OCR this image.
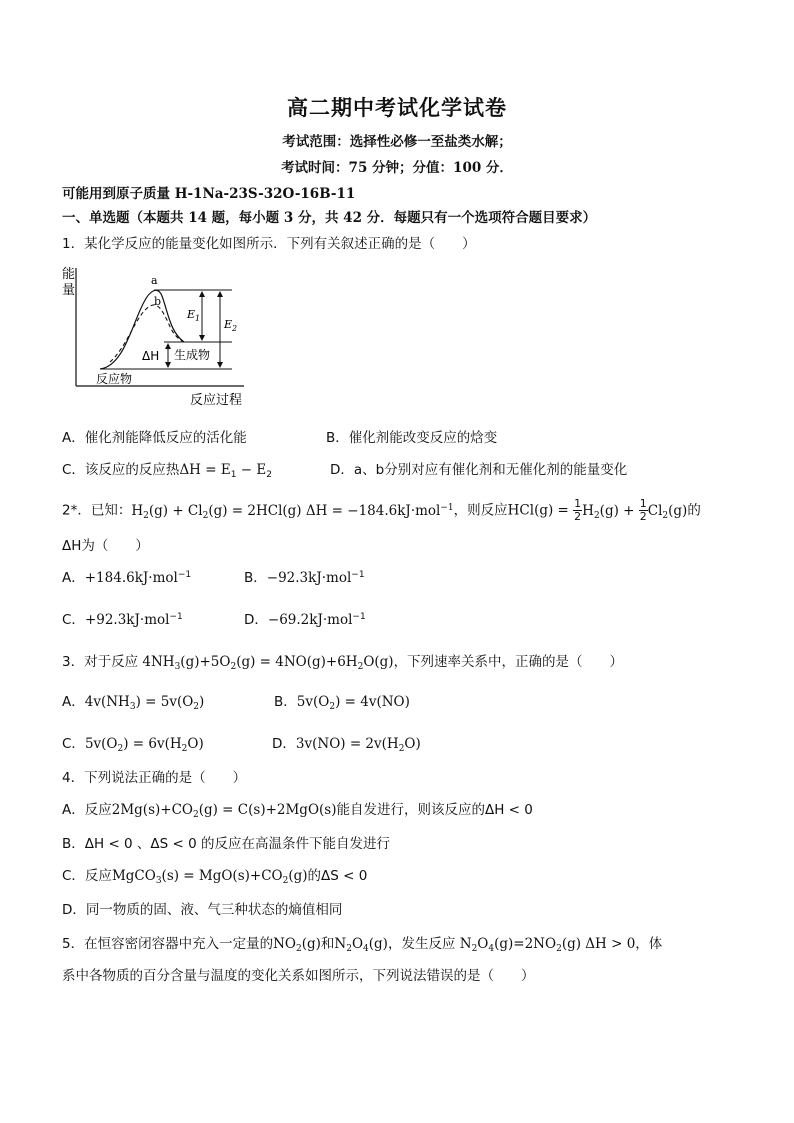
高二期中考试化学试卷
考试范围：选择性必修一至盐类水解；
考试时间：75 分钟；分值：100 分．
可能用到原子质量 H-1Na-23S-32O-16B-11
一、单选题（本题共 14 题，每小题 3 分，共 42 分．每题只有一个选项符合题目要求）
1．某化学反应的能量变化如图所示．下列有关叙述正确的是（　　）
能
量
a
b
$E_1$ $E_2$
ΔH 生成物
反应物
反应过程
A．催化剂能降低反应的活化能	B．催化剂能改变反应的焓变
C．该反应的反应热$\Delta H = E_1 - E_2$	D．a、b分别对应有催化剂和无催化剂的能量变化
2*．已知：$H_2(g) + Cl_2(g) = 2HCl(g) \Delta H = -184.6kJ\cdot mol^{-1}$，则反应$HCl(g) = \frac{1}{2} H_2(g) + \frac{1}{2} Cl_2(g)$的
ΔH为（　　）
A．+184.6kJ·mol$^{-1}$	B．−92.3kJ·mol$^{-1}$
C．+92.3kJ·mol$^{-1}$	D．−69.2kJ·mol$^{-1}$
3．对于反应 $4NH_3(g)+5O_2(g) = 4NO(g)+6H_2O(g)$，下列速率关系中，正确的是（　　）
A．$4v(NH_3) = 5v(O_2)$	B．$5v(O_2) = 4v(NO)$
C．$5v(O_2) = 6v(H_2O)$	D．$3v(NO) = 2v(H_2O)$
4．下列说法正确的是（　　）
A．反应$2Mg(s)+CO_2(g) = C(s)+2MgO(s)$能自发进行，则该反应的ΔH < 0
B．ΔH < 0 、ΔS < 0 的反应在高温条件下能自发进行
C．反应MgCO$_3$(s) = $MgO(s)+CO_2(g)$的ΔS < 0
D．同一物质的固、液、气三种状态的熵值相同
5．在恒容密闭容器中充入一定量的$NO_2(g)$和$N_2O_4(g)$，发生反应 $N_2O_4(g)=2NO_2(g) \Delta H > 0$，体
系中各物质的百分含量与温度的变化关系如图所示，下列说法错误的是（　　）
